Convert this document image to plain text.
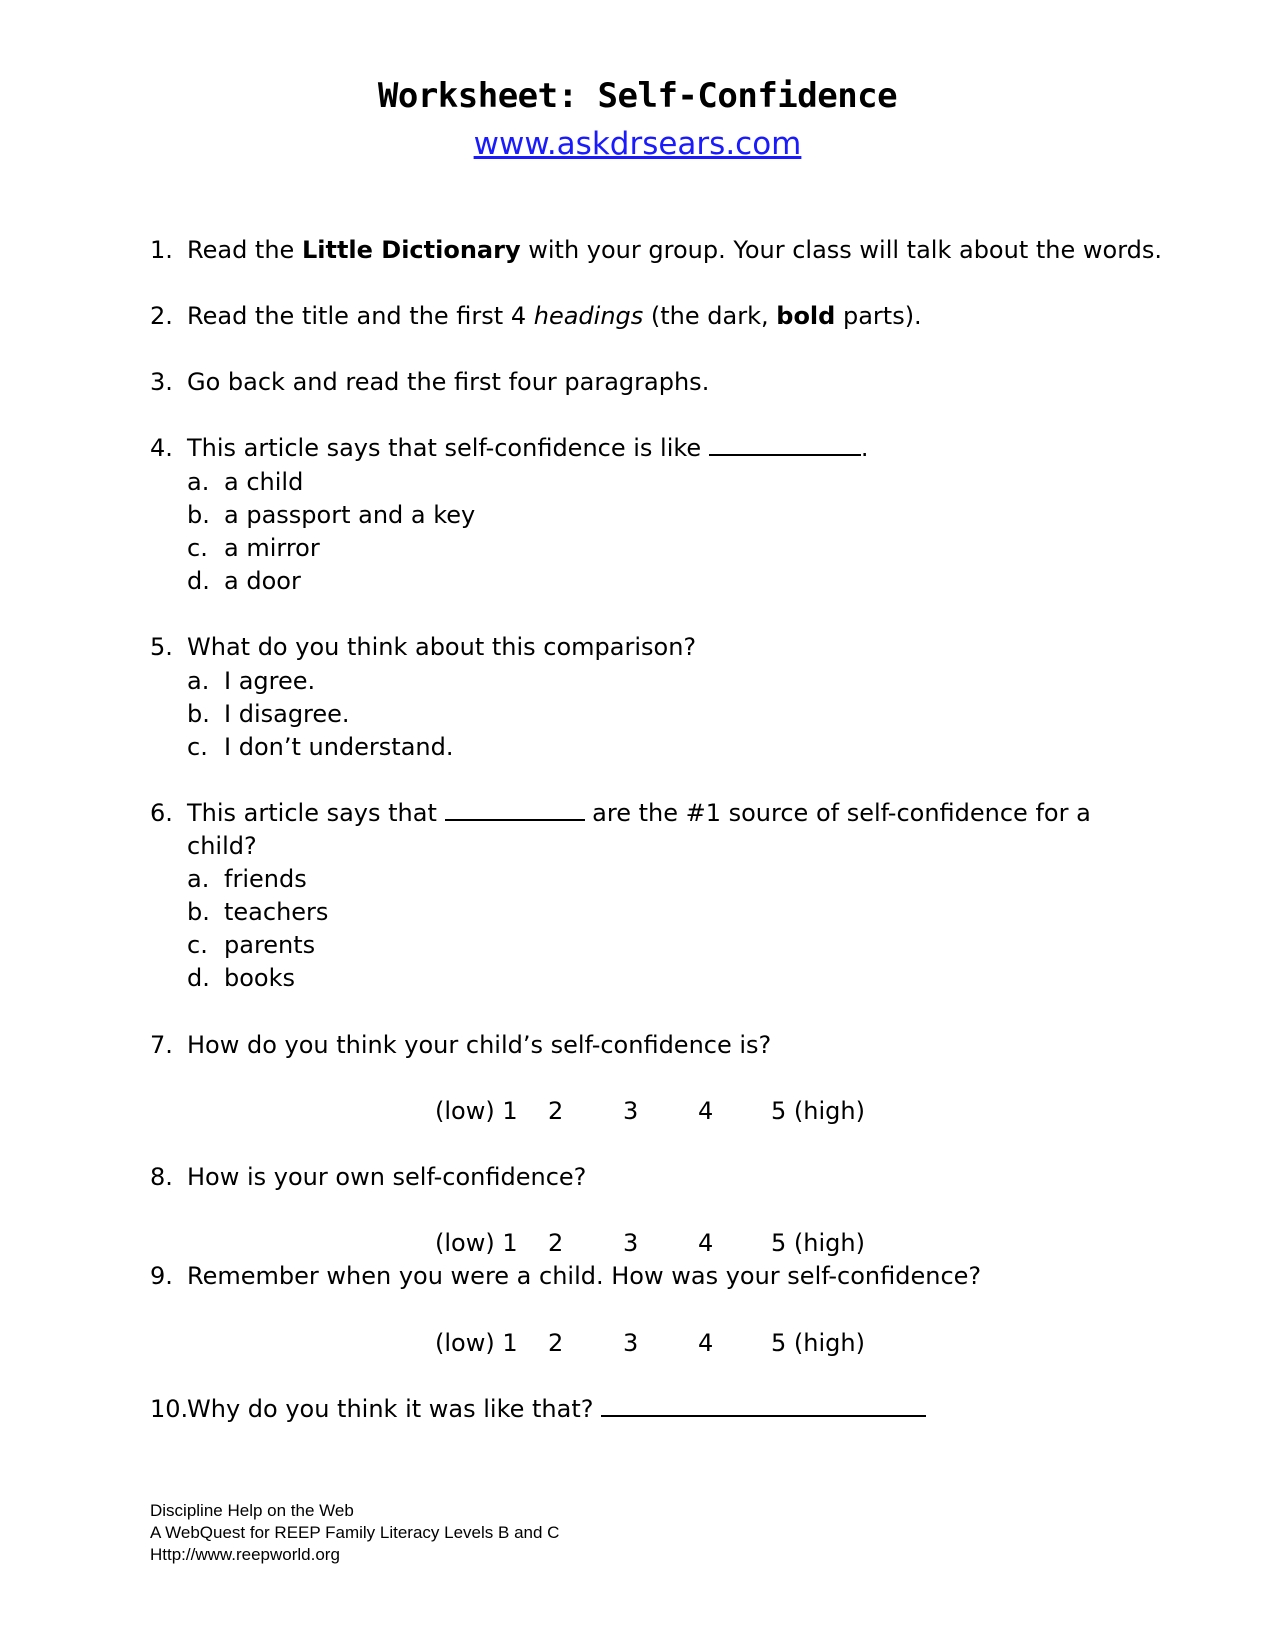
Worksheet: Self-Confidence
www.askdrsears.com
1. Read the Little Dictionary with your group. Your class will talk about the words.
2. Read the title and the first 4 headings (the dark, bold parts).
3. Go back and read the first four paragraphs.
4. This article says that self-confidence is like	.
a. a child
b. a passport and a key
c. a mirror
d. a door
5. What do you think about this comparison?
a. I agree.
b. I disagree.
c. I don’t understand.
6. This article says that	are the #1 source of self-confidence for a
child?
a. friends
b. teachers
c. parents
d. books
7. How do you think your child’s self-confidence is?
(low) 1 2 3 4 5 (high)
8. How is your own self-confidence?
(low) 1 2 3 4 5 (high)
9. Remember when you were a child. How was your self-confidence?
(low) 1 2 3 4 5 (high)
10.Why do you think it was like that?
Discipline Help on the Web
A WebQuest for REEP Family Literacy Levels B and C
Http://www.reepworld.org
